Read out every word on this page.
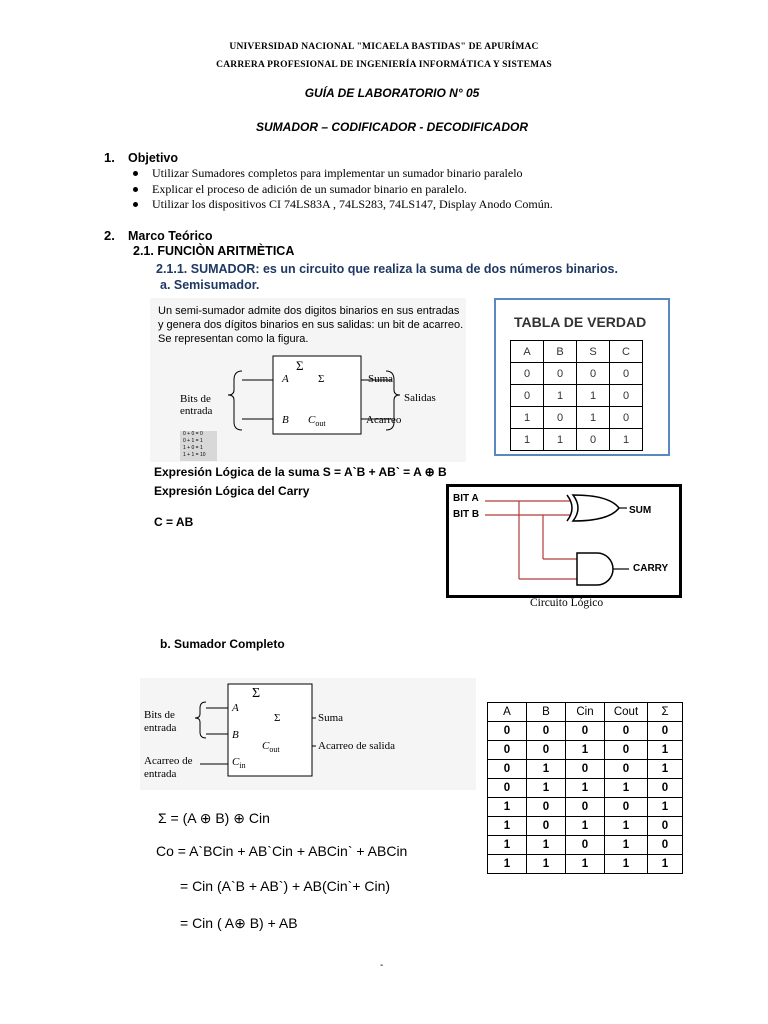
UNIVERSIDAD NACIONAL "MICAELA BASTIDAS" DE APURÍMAC
CARRERA PROFESIONAL DE INGENIERÍA INFORMÁTICA Y SISTEMAS
GUÍA DE LABORATORIO N° 05
SUMADOR – CODIFICADOR - DECODIFICADOR
1. Objetivo
Utilizar Sumadores completos para implementar un sumador binario paralelo
Explicar el proceso de adición de un sumador binario en paralelo.
Utilizar los dispositivos CI 74LS83A , 74LS283, 74LS147, Display Anodo Común.
2. Marco Teórico
2.1. FUNCIÒN ARITMÈTICA
2.1.1. SUMADOR: es un circuito que realiza la suma de dos números binarios.
a. Semisumador.
Un semi-sumador admite dos digitos binarios en sus entradas
y genera dos dígitos binarios en sus salidas: un bit de acarreo.
Se representan como la figura.
Σ
A
B
Σ
$C_{out}$
Bits de
entrada
Suma
Acarreo
Salidas
0 + 0 = 0
0 + 1 = 1
1 + 0 = 1
1 + 1 = 10
TABLA DE VERDAD
A	B	S	C
0	0	0	0
0	1	1	0
1	0	1	0
1	1	0	1
Expresión Lógica de la suma S = A`B + AB` = A ⊕ B
Expresión Lógica del Carry
C = AB
BIT A
BIT B	SUM
CARRY
Circuito Lógico
b. Sumador Completo
Σ
A
B
$C_{in}$
Σ
$C_{out}$
Bits de
entrada
Acarreo de
entrada
Suma
Acarreo de salida
A	B	Cin	Cout	Σ
0	0	0	0	0
0	0	1	0	1
0	1	0	0	1
0	1	1	1	0
1	0	0	0	1
1	0	1	1	0
1	1	0	1	0
1	1	1	1	1
Σ = (A ⊕ B) ⊕ Cin
Co = A`BCin + AB`Cin + ABCin` + ABCin
= Cin (A`B + AB`) + AB(Cin`+ Cin)
= Cin ( A⊕ B) + AB
-
